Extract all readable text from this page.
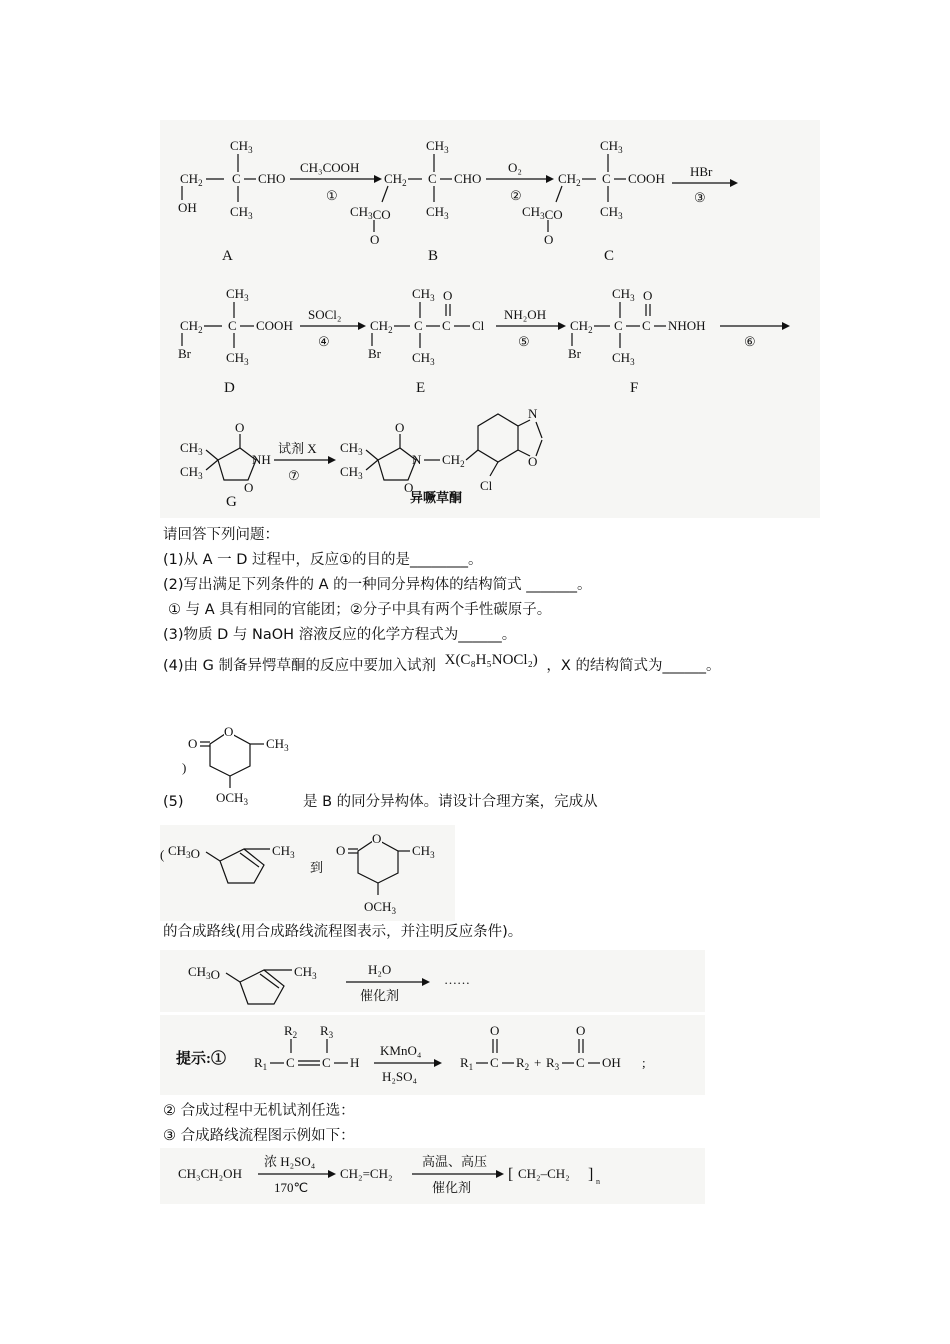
$CH_3$
$CH_2$ C CHO
$CH_3$
OH
A
CH₃COOH
①
$CH_3$
$CH_2$ C CHO
$CH_3$
$CH_3CO$
O
B
O₂
②
$CH_3$
$CH_2$ C COOH
$CH_3$
$CH_3CO$
O
C
HBr
③
$CH_3$
$CH_2$ C COOH
$CH_3$
Br
D
SOCl₂
④
$CH_3$
$CH_2$ C C
O
Cl
$CH_3$
Br
E
NH₂OH
⑤
$CH_3$
$CH_2$ C C
O
NHOH
$CH_3$
Br
F
⑥
$CH_3$
$CH_3$
O
NH
O
G
试剂 X
⑦
$CH_3$
$CH_3$
O
N
O
$CH_2$
Cl
N
O
异噘草酮
请回答下列问题：
(1)从 A 一 D 过程中，反应①的目的是________。
(2)写出满足下列条件的 A 的一种同分异构体的结构简式 _______。
① 与 A 具有相同的官能团；②分子中具有两个手性碳原子。
(3)物质 D 与 NaOH 溶液反应的化学方程式为______。
(4)由 G 制备异愕草酮的反应中要加入试剂 X(C₈H₅NOCl₂) ，X 的结构简式为______。
O
O
$CH_3$
$OCH_3$
)
(5)	是 B 的同分异构体。请设计合理方案，完成从
( $CH_3O$	$CH_3$
到
O
O
$CH_3$
$OCH_3$
的合成路线(用合成路线流程图表示，并注明反应条件)。
$CH_3O$	$CH_3$	H₂O
催化剂
……
提示:① $R_1$ C C H
$R_2$ $R_3$
KMnO₄
H₂SO₄
$R_1$ C
O
$R_2 + R_3$ C
O
OH ;
② 合成过程中无机试剂任选：
③ 合成路线流程图示例如下：
CH₃CH₂OH
浓 H₂SO₄
170℃
CH₂=CH₂
高温、高压
催化剂
[ CH₂–CH₂ ] n
